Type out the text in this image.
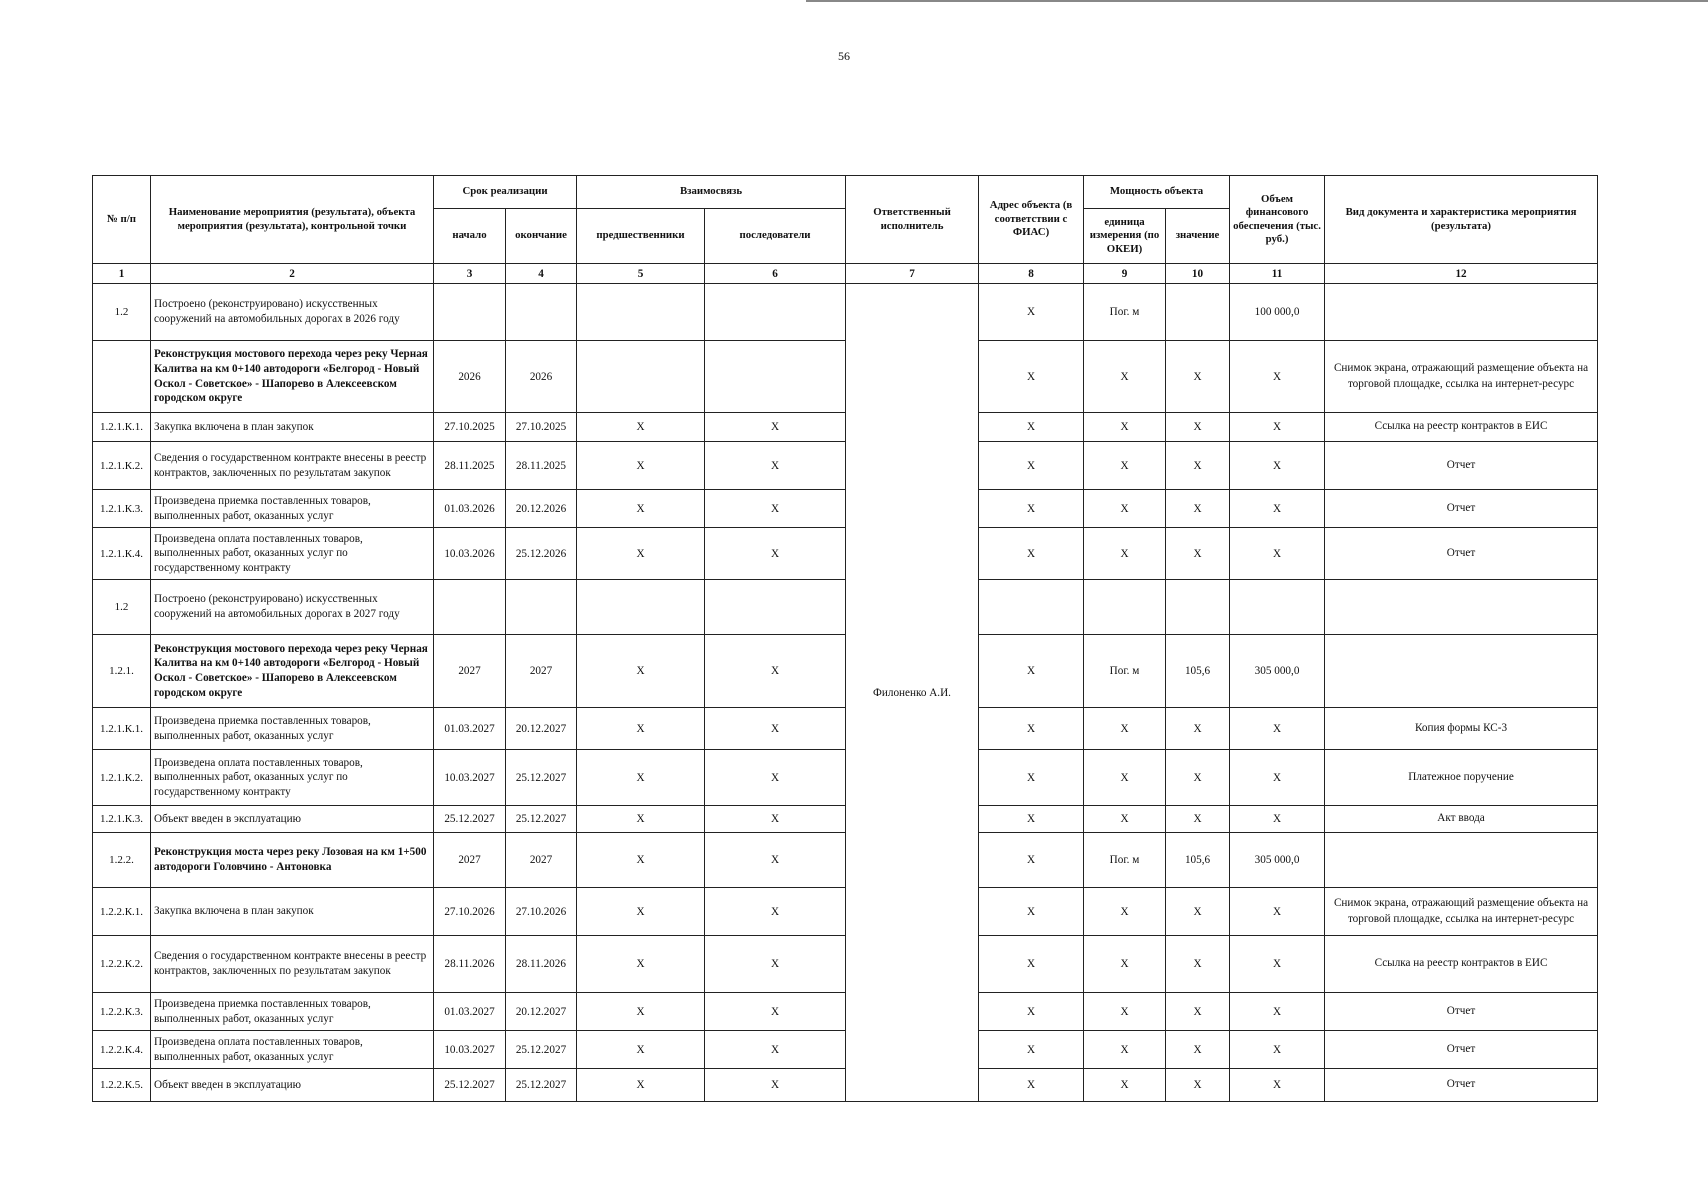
56
№ п/п	Наименование мероприятия (результата), объекта мероприятия (результата), контрольной точки	Срок реализации		Взаимосвязь		Ответственный исполнитель	Адрес объекта (в соответствии с ФИАС)	Мощность объекта		Объем финансового обеспечения (тыс. руб.)	Вид документа и характеристика мероприятия (результата)
		начало	окончание	предшественники	последователи			единица измерения (по ОКЕИ)	значение		
1	2	3	4	5	6	7	8	9	10	11	12
1.2	Построено (реконструировано) искусственных сооружений на автомобильных дорогах в 2026 году					Филоненко А.И.	Х	Пог. м		100 000,0	
	Реконструкция мостового перехода через реку Черная Калитва на км 0+140 автодороги «Белгород - Новый Оскол - Советское» - Шапорево в Алексеевском городском округе	2026	2026				Х	Х	Х	Х	Снимок экрана, отражающий размещение объекта на торговой площадке, ссылка на интернет-ресурс
1.2.1.К.1.	Закупка включена в план закупок	27.10.2025	27.10.2025	Х	Х		Х	Х	Х	Х	Ссылка на реестр контрактов в ЕИС
1.2.1.К.2.	Сведения о государственном контракте внесены в реестр контрактов, заключенных по результатам закупок	28.11.2025	28.11.2025	Х	Х		Х	Х	Х	Х	Отчет
1.2.1.К.3.	Произведена приемка поставленных товаров, выполненных работ, оказанных услуг	01.03.2026	20.12.2026	Х	Х		Х	Х	Х	Х	Отчет
1.2.1.К.4.	Произведена оплата поставленных товаров, выполненных работ, оказанных услуг по государственному контракту	10.03.2026	25.12.2026	Х	Х		Х	Х	Х	Х	Отчет
1.2	Построено (реконструировано) искусственных сооружений на автомобильных дорогах в 2027 году										
1.2.1.	Реконструкция мостового перехода через реку Черная Калитва на км 0+140 автодороги «Белгород - Новый Оскол - Советское» - Шапорево в Алексеевском городском округе	2027	2027	Х	Х		Х	Пог. м	105,6	305 000,0	
1.2.1.К.1.	Произведена приемка поставленных товаров, выполненных работ, оказанных услуг	01.03.2027	20.12.2027	Х	Х		Х	Х	Х	Х	Копия формы КС-3
1.2.1.К.2.	Произведена оплата поставленных товаров, выполненных работ, оказанных услуг по государственному контракту	10.03.2027	25.12.2027	Х	Х		Х	Х	Х	Х	Платежное поручение
1.2.1.К.3.	Объект введен в эксплуатацию	25.12.2027	25.12.2027	Х	Х		Х	Х	Х	Х	Акт ввода
1.2.2.	Реконструкция моста через реку Лозовая на км 1+500 автодороги Головчино - Антоновка	2027	2027	Х	Х		Х	Пог. м	105,6	305 000,0	
1.2.2.К.1.	Закупка включена в план закупок	27.10.2026	27.10.2026	Х	Х		Х	Х	Х	Х	Снимок экрана, отражающий размещение объекта на торговой площадке, ссылка на интернет-ресурс
1.2.2.К.2.	Сведения о государственном контракте внесены в реестр контрактов, заключенных по результатам закупок	28.11.2026	28.11.2026	Х	Х		Х	Х	Х	Х	Ссылка на реестр контрактов в ЕИС
1.2.2.К.3.	Произведена приемка поставленных товаров, выполненных работ, оказанных услуг	01.03.2027	20.12.2027	Х	Х		Х	Х	Х	Х	Отчет
1.2.2.К.4.	Произведена оплата поставленных товаров, выполненных работ, оказанных услуг	10.03.2027	25.12.2027	Х	Х		Х	Х	Х	Х	Отчет
1.2.2.К.5.	Объект введен в эксплуатацию	25.12.2027	25.12.2027	Х	Х		Х	Х	Х	Х	Отчет
